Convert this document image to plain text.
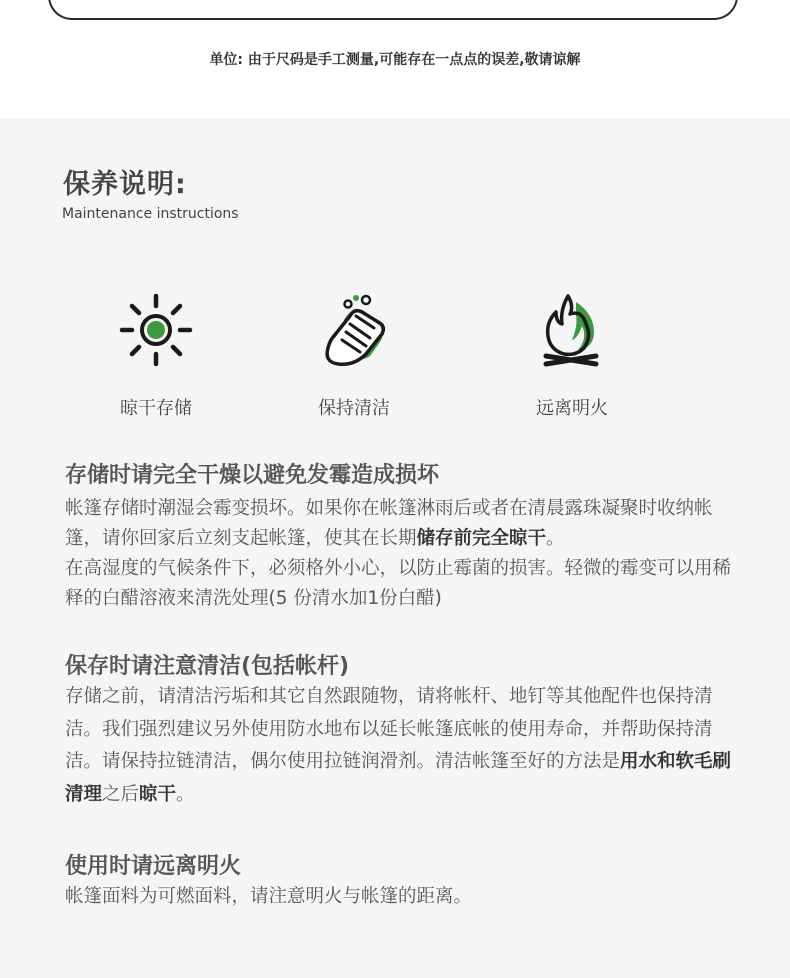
单位: 由于尺码是手工测量,可能存在一点点的误差,敬请谅解
保养说明:
Maintenance instructions
晾干存储	保持清洁	远离明火
存储时请完全干燥以避免发霉造成损坏

帐篷存储时潮湿会霉变损坏。如果你在帐篷淋雨后或者在清晨露珠凝聚时收纳帐篷，请你回家后立刻支起帐篷，使其在长期储存前完全晾干。

在高湿度的气候条件下，必须格外小心，以防止霉菌的损害。轻微的霉变可以用稀释的白醋溶液来清洗处理(5 份清水加1份白醋)

保存时请注意清洁(包括帐杆)

存储之前，请清洁污垢和其它自然跟随物，请将帐杆、地钉等其他配件也保持清洁。我们强烈建议另外使用防水地布以延长帐篷底帐的使用寿命，并帮助保持清洁。请保持拉链清洁，偶尔使用拉链润滑剂。清洁帐篷至好的方法是用水和软毛刷清理之后晾干。

使用时请远离明火

帐篷面料为可燃面料，请注意明火与帐篷的距离。
